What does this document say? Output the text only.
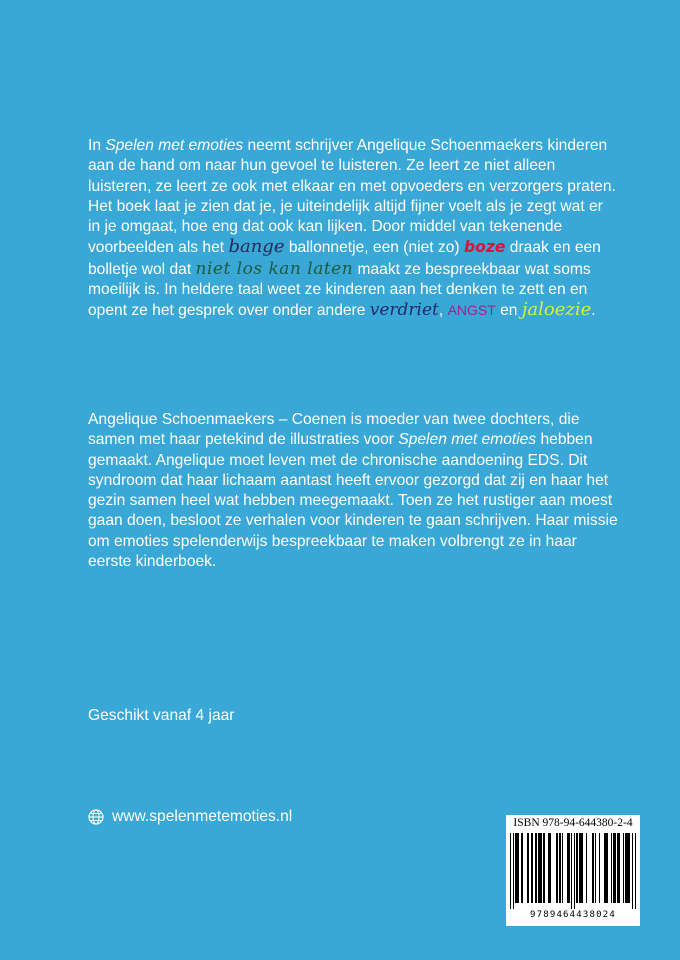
In Spelen met emoties neemt schrijver Angelique Schoenmaekers kinderen aan de hand om naar hun gevoel te luisteren. Ze leert ze niet alleen luisteren, ze leert ze ook met elkaar en met opvoeders en verzorgers praten. Het boek laat je zien dat je, je uiteindelijk altijd fijner voelt als je zegt wat er in je omgaat, hoe eng dat ook kan lijken. Door middel van tekenende voorbeelden als het bange ballonnetje, een (niet zo) boze draak en een bolletje wol dat niet los kan laten maakt ze bespreekbaar wat soms moeilijk is. In heldere taal weet ze kinderen aan het denken te zett en en opent ze het gesprek over onder andere verdriet, ANGST en jaloezie.

Angelique Schoenmaekers – Coenen is moeder van twee dochters, die samen met haar petekind de illustraties voor Spelen met emoties hebben gemaakt. Angelique moet leven met de chronische aandoening EDS. Dit syndroom dat haar lichaam aantast heeft ervoor gezorgd dat zij en haar het gezin samen heel wat hebben meegemaakt. Toen ze het rustiger aan moest gaan doen, besloot ze verhalen voor kinderen te gaan schrijven. Haar missie om emoties spelenderwijs bespreekbaar te maken volbrengt ze in haar eerste kinderboek.

Geschikt vanaf 4 jaar
www.spelenmetemoties.nl	ISBN 978-94-644380-2-4
9789464438024
